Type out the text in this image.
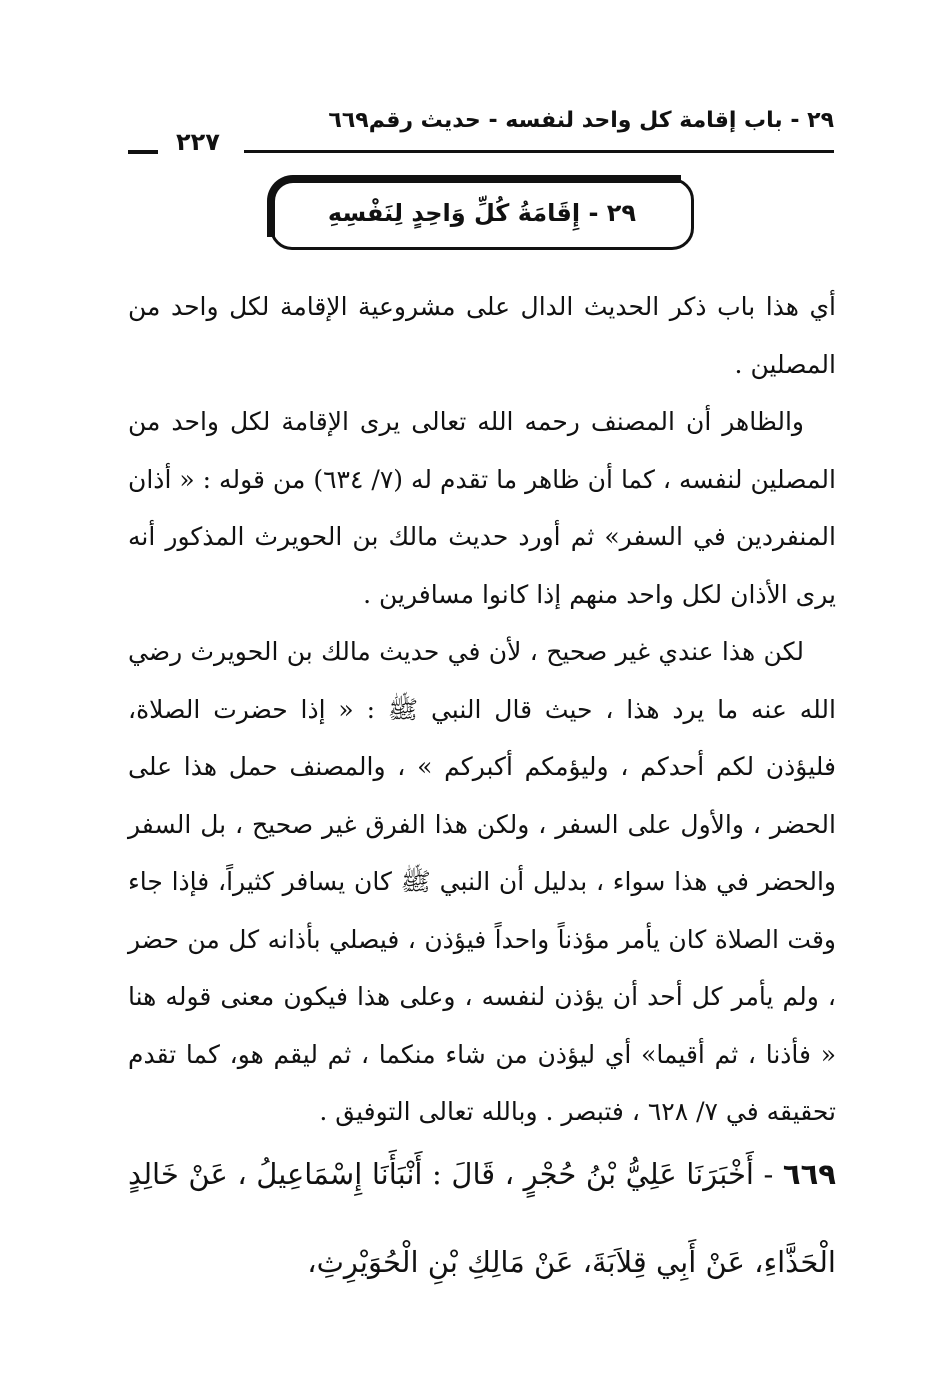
٢٩ - باب إقامة كل واحد لنفسه - حديث رقم٦٦٩
٢٢٧
٢٩ - إِقَامَةُ كُلِّ وَاحِدٍ لِنَفْسِهِ

أي هذا باب ذكر الحديث الدال على مشروعية الإقامة لكل واحد من المصلين .

والظاهر أن المصنف رحمه الله تعالى يرى الإقامة لكل واحد من المصلين لنفسه ، كما أن ظاهر ما تقدم له (٧/ ٦٣٤) من قوله : « أذان المنفردين في السفر» ثم أورد حديث مالك بن الحويرث المذكور أنه يرى الأذان لكل واحد منهم إذا كانوا مسافرين .

لكن هذا عندي غير صحيح ، لأن في حديث مالك بن الحويرث رضي الله عنه ما يرد هذا ، حيث قال النبي ﷺ : « إذا حضرت الصلاة، فليؤذن لكم أحدكم ، وليؤمكم أكبركم » ، والمصنف حمل هذا على الحضر ، والأول على السفر ، ولكن هذا الفرق غير صحيح ، بل السفر والحضر في هذا سواء ، بدليل أن النبي ﷺ كان يسافر كثيراً، فإذا جاء وقت الصلاة كان يأمر مؤذناً واحداً فيؤذن ، فيصلي بأذانه كل من حضر ، ولم يأمر كل أحد أن يؤذن لنفسه ، وعلى هذا فيكون معنى قوله هنا « فأذنا ، ثم أقيما» أي ليؤذن من شاء منكما ، ثم ليقم هو، كما تقدم تحقيقه في ٧/ ٦٢٨ ، فتبصر . وبالله تعالى التوفيق .

٦٦٩ - أَخْبَرَنَا عَلِيُّ بْنُ حُجْرٍ ، قَالَ : أَنْبَأَنَا إِسْمَاعِيلُ ، عَنْ خَالِدٍ الْحَذَّاءِ، عَنْ أَبِي قِلاَبَةَ، عَنْ مَالِكِ بْنِ الْحُوَيْرِثِ،
